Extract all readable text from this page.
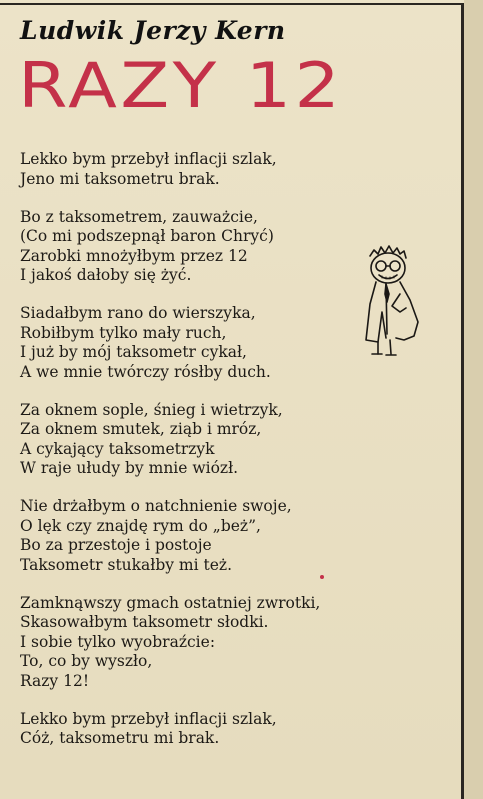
Ludwik Jerzy Kern
RAZY 12
Lekko bym przebył inflacji szlak,
Jeno mi taksometru brak.
Bo z taksometrem, zauważcie,
(Co mi podszepnął baron Chryć)
Zarobki mnożyłbym przez 12
I jakoś dałoby się żyć.
Siadałbym rano do wierszyka,
Robiłbym tylko mały ruch,
I już by mój taksometr cykał,
A we mnie twórczy rósłby duch.
Za oknem sople, śnieg i wietrzyk,
Za oknem smutek, ziąb i mróz,
A cykający taksometrzyk
W raje ułudy by mnie wiózł.
Nie drżałbym o natchnienie swoje,
O lęk czy znajdę rym do „beż”,
Bo za przestoje i postoje
Taksometr stukałby mi też.
Zamknąwszy gmach ostatniej zwrotki,
Skasowałbym taksometr słodki.
I sobie tylko wyobraźcie:
To, co by wyszło,
Razy 12!
Lekko bym przebył inflacji szlak,
Cóż, taksometru mi brak.
